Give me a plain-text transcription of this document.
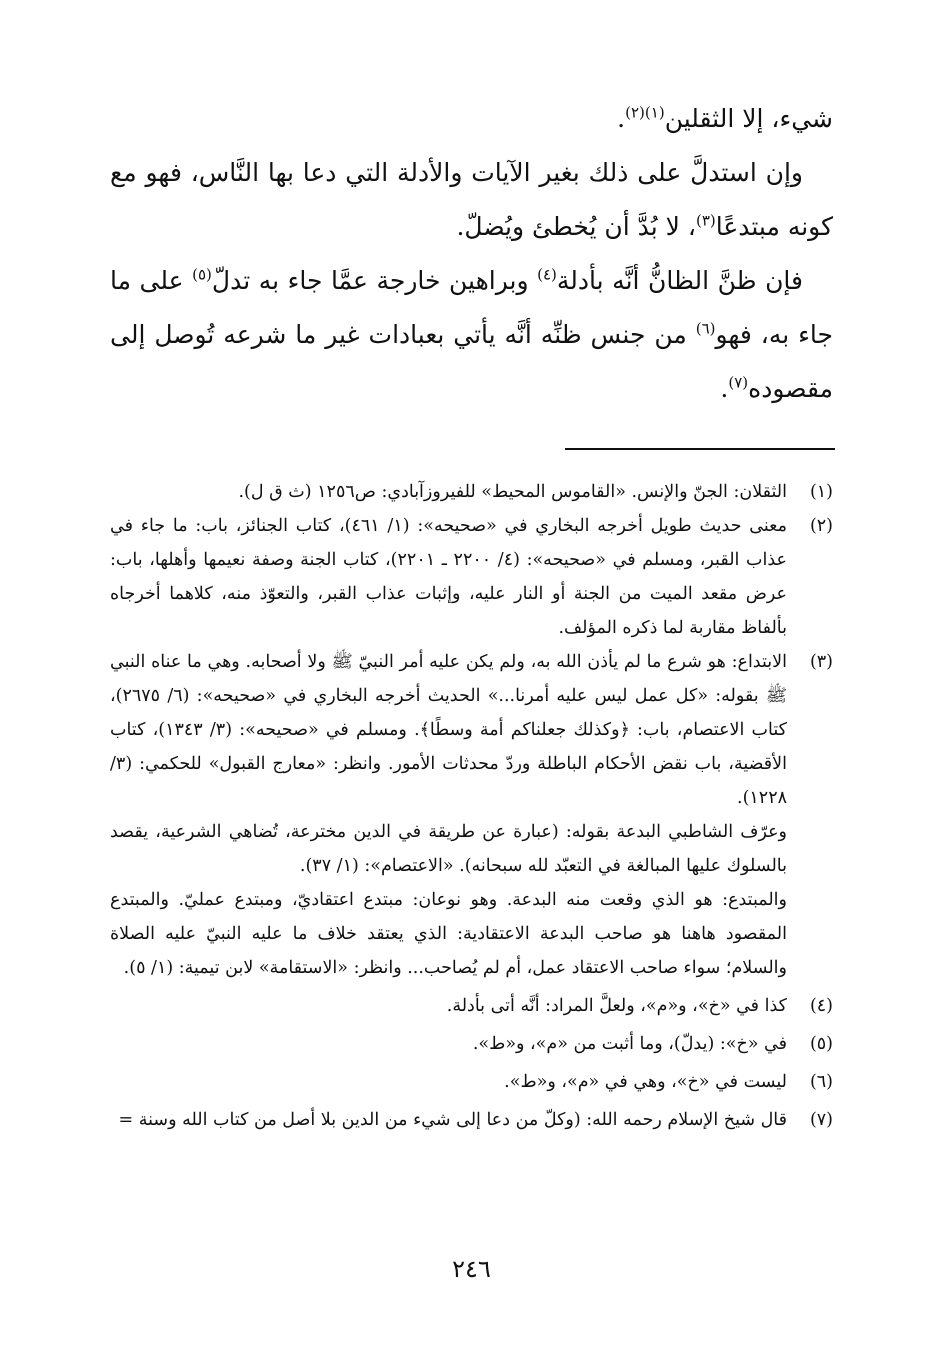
شيء، إلا الثقلين$^{(١)(٢)}$.

وإن استدلَّ على ذلك بغير الآيات والأدلة التي دعا بها النَّاس، فهو مع كونه مبتدعًا$^{(٣)}$، لا بُدَّ أن يُخطئ ويُضلّ.

فإن ظنَّ الظانُّ أنَّه بأدلة$^{(٤)}$ وبراهين خارجة عمَّا جاء به تدلّ$^{(٥)}$ على ما جاء به، فهو$^{(٦)}$ من جنس ظنِّه أنَّه يأتي بعبادات غير ما شرعه تُوصل إلى مقصوده$^{(٧)}$.

(١)

الثقلان: الجنّ والإنس. «القاموس المحيط» للفيروزآبادي: ص١٢٥٦ (ث ق ل).

(٢)

معنى حديث طويل أخرجه البخاري في «صحيحه»: (١/ ٤٦١)، كتاب الجنائز، باب: ما جاء في عذاب القبر، ومسلم في «صحيحه»: (٤/ ٢٢٠٠ ـ ٢٢٠١)، كتاب الجنة وصفة نعيمها وأهلها، باب: عرض مقعد الميت من الجنة أو النار عليه، وإثبات عذاب القبر، والتعوّذ منه، كلاهما أخرجاه بألفاظ مقاربة لما ذكره المؤلف.

(٣)

الابتداع: هو شرع ما لم يأذن الله به، ولم يكن عليه أمر النبيّ ﷺ ولا أصحابه. وهي ما عناه النبي ﷺ بقوله: «كل عمل ليس عليه أمرنا...» الحديث أخرجه البخاري في «صحيحه»: (٦/ ٢٦٧٥)، كتاب الاعتصام، باب: ﴿وكذلك جعلناكم أمة وسطًا﴾. ومسلم في «صحيحه»: (٣/ ١٣٤٣)، كتاب الأقضية، باب نقض الأحكام الباطلة وردّ محدثات الأمور. وانظر: «معارج القبول» للحكمي: (٣/ ١٢٢٨).

وعرّف الشاطبي البدعة بقوله: (عبارة عن طريقة في الدين مخترعة، تُضاهي الشرعية، يقصد بالسلوك عليها المبالغة في التعبّد لله سبحانه). «الاعتصام»: (١/ ٣٧).

والمبتدع: هو الذي وقعت منه البدعة. وهو نوعان: مبتدع اعتقاديّ، ومبتدع عمليّ. والمبتدع المقصود هاهنا هو صاحب البدعة الاعتقادية: الذي يعتقد خلاف ما عليه النبيّ عليه الصلاة والسلام؛ سواء صاحب الاعتقاد عمل، أم لم يُصاحب... وانظر: «الاستقامة» لابن تيمية: (١/ ٥).

(٤)

كذا في «خ»، و«م»، ولعلَّ المراد: أنَّه أتى بأدلة.

(٥)

في «خ»: (يدلّ)، وما أثبت من «م»، و«ط».

(٦)

ليست في «خ»، وهي في «م»، و«ط».

(٧)

قال شيخ الإسلام رحمه الله: (وكلّ من دعا إلى شيء من الدين بلا أصل من كتاب الله وسنة =

٢٤٦
